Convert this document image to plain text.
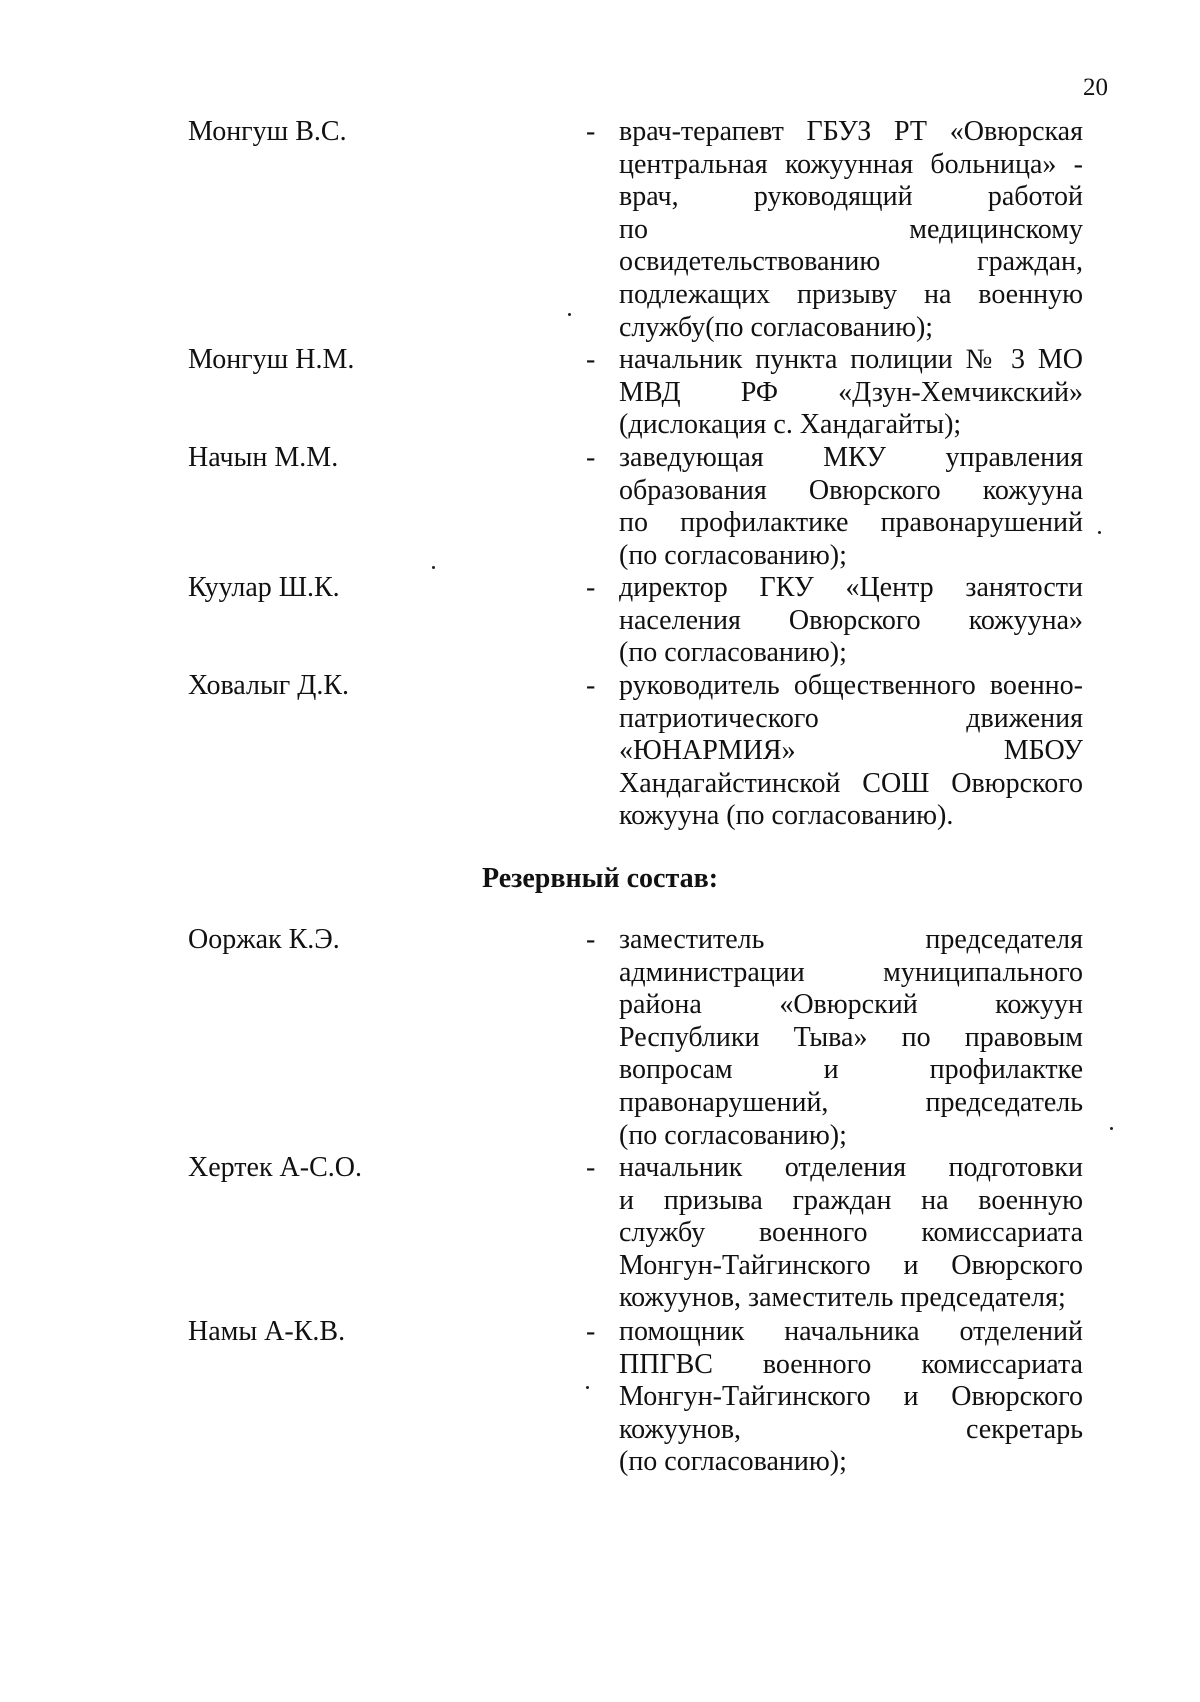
20
Монгуш В.С.	- врач-терапевт ГБУЗ РТ «Овюрская
центральная кожуунная больница» -
врач, руководящий работой
по медицинскому
освидетельствованию граждан,
подлежащих призыву на военную
службу(по согласованию);
Монгуш Н.М.	- начальник пункта полиции № 3 МО
МВД РФ «Дзун-Хемчикский»
(дислокация с. Хандагайты);
Начын М.М.	- заведующая МКУ управления
образования Овюрского кожууна
по профилактике правонарушений
(по согласованию);
Куулар Ш.К.	- директор ГКУ «Центр занятости
населения Овюрского кожууна»
(по согласованию);
Ховалыг Д.К.	- руководитель общественного военно-
патриотического движения
«ЮНАРМИЯ» МБОУ
Хандагайстинской СОШ Овюрского
кожууна (по согласованию).
Резервный состав:
Ооржак К.Э.	- заместитель председателя
администрации муниципального
района «Овюрский кожуун
Республики Тыва» по правовым
вопросам и профилактке
правонарушений, председатель
(по согласованию);
Хертек А-С.О.	- начальник отделения подготовки
и призыва граждан на военную
службу военного комиссариата
Монгун-Тайгинского и Овюрского
кожуунов, заместитель председателя;
Намы А-К.В.	- помощник начальника отделений
ППГВС военного комиссариата
Монгун-Тайгинского и Овюрского
кожуунов, секретарь
(по согласованию);
